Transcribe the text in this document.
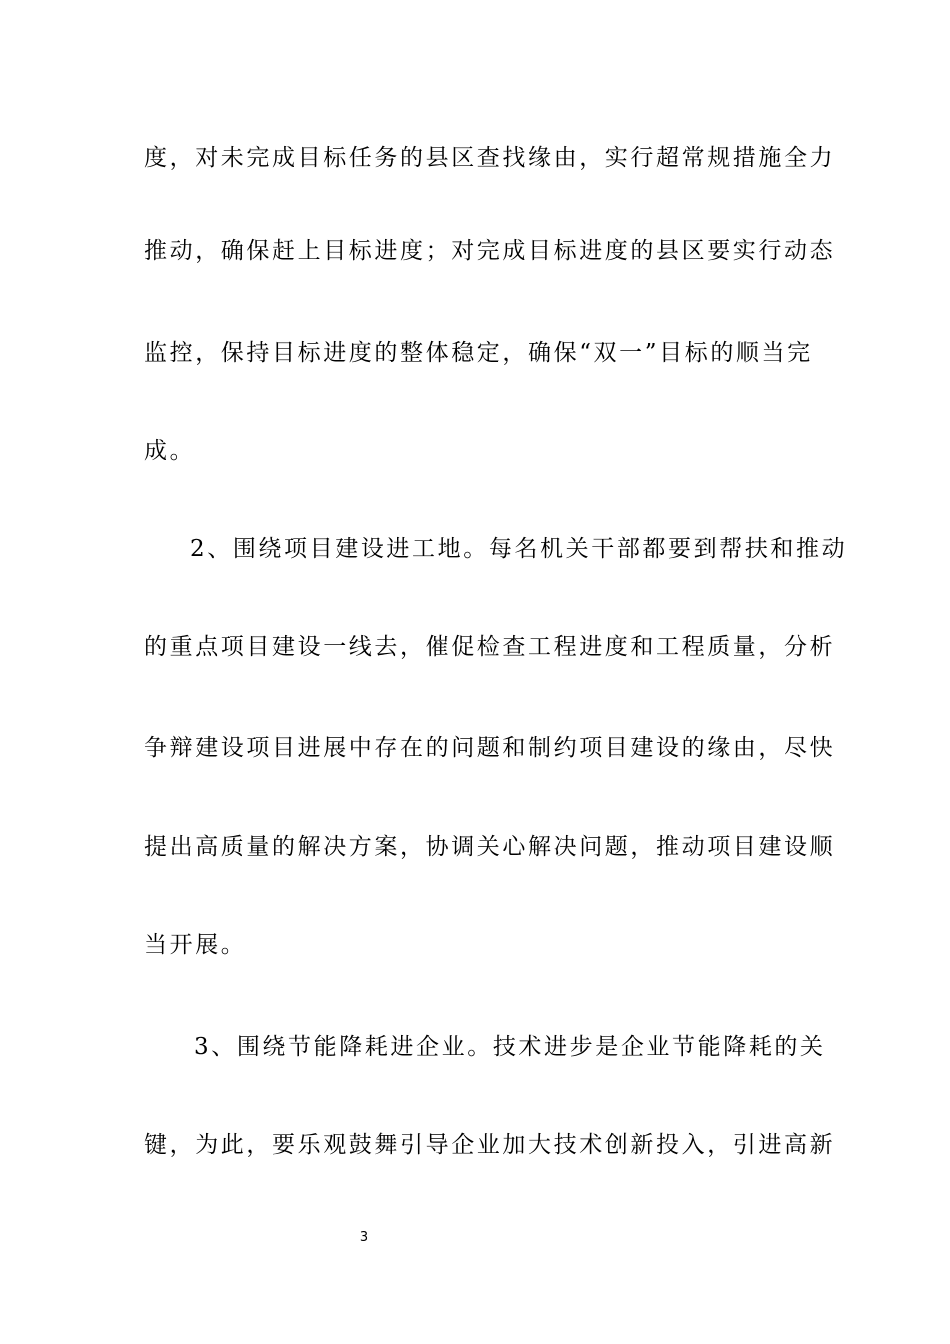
度，对未完成目标任务的县区查找缘由，实行超常规措施全力
推动，确保赶上目标进度；对完成目标进度的县区要实行动态
监控，保持目标进度的整体稳定，确保“双一”目标的顺当完
成。
2、围绕项目建设进工地。每名机关干部都要到帮扶和推动
的重点项目建设一线去，催促检查工程进度和工程质量，分析
争辩建设项目进展中存在的问题和制约项目建设的缘由，尽快
提出高质量的解决方案，协调关心解决问题，推动项目建设顺
当开展。
3、围绕节能降耗进企业。技术进步是企业节能降耗的关
键，为此，要乐观鼓舞引导企业加大技术创新投入，引进高新
3
